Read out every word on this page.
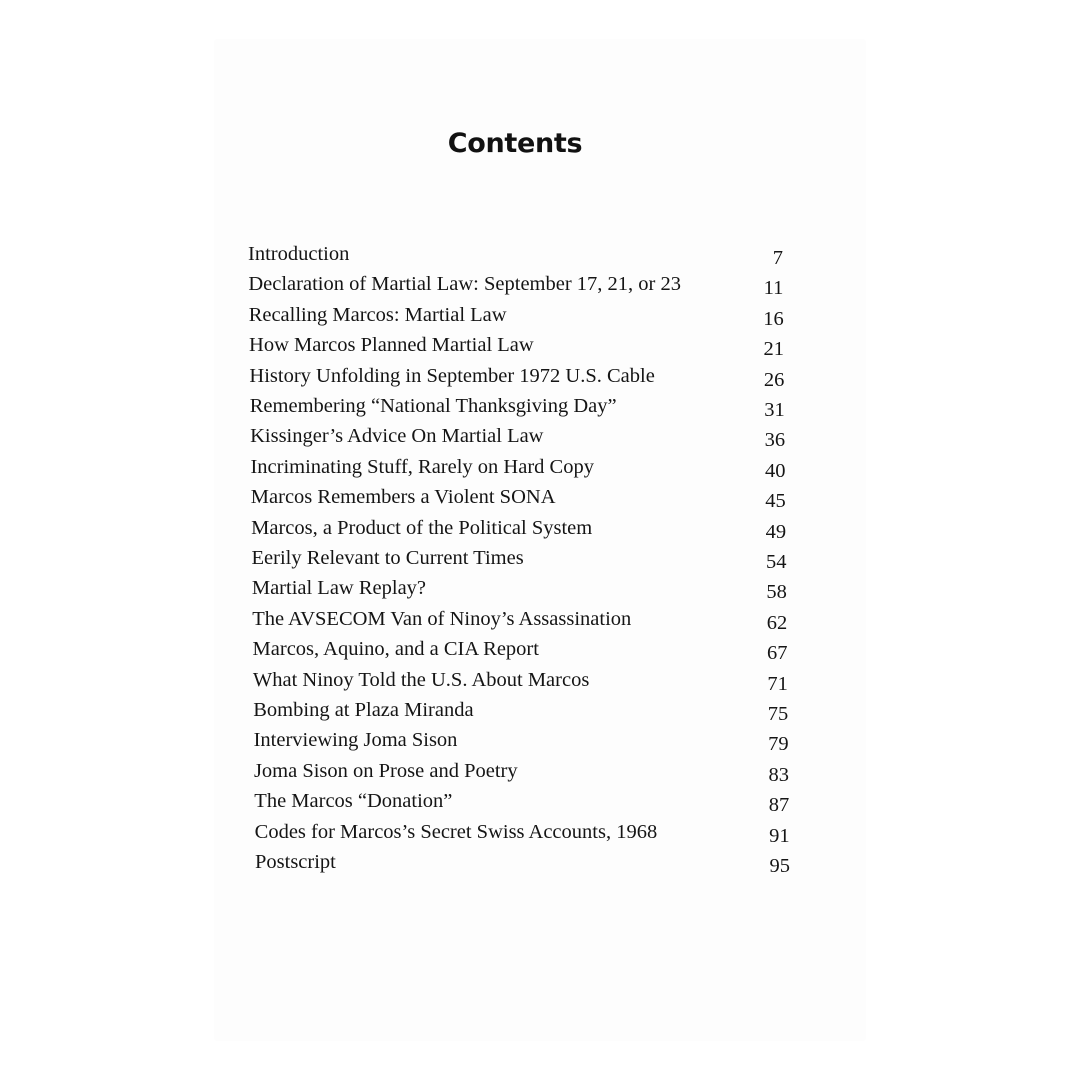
Contents
Introduction	7
Declaration of Martial Law: September 17, 21, or 23	11
Recalling Marcos: Martial Law	16
How Marcos Planned Martial Law	21
History Unfolding in September 1972 U.S. Cable	26
Remembering “National Thanksgiving Day”	31
Kissinger’s Advice On Martial Law	36
Incriminating Stuff, Rarely on Hard Copy	40
Marcos Remembers a Violent SONA	45
Marcos, a Product of the Political System	49
Eerily Relevant to Current Times	54
Martial Law Replay?	58
The AVSECOM Van of Ninoy’s Assassination	62
Marcos, Aquino, and a CIA Report	67
What Ninoy Told the U.S. About Marcos	71
Bombing at Plaza Miranda	75
Interviewing Joma Sison	79
Joma Sison on Prose and Poetry	83
The Marcos “Donation”	87
Codes for Marcos’s Secret Swiss Accounts, 1968	91
Postscript	95
